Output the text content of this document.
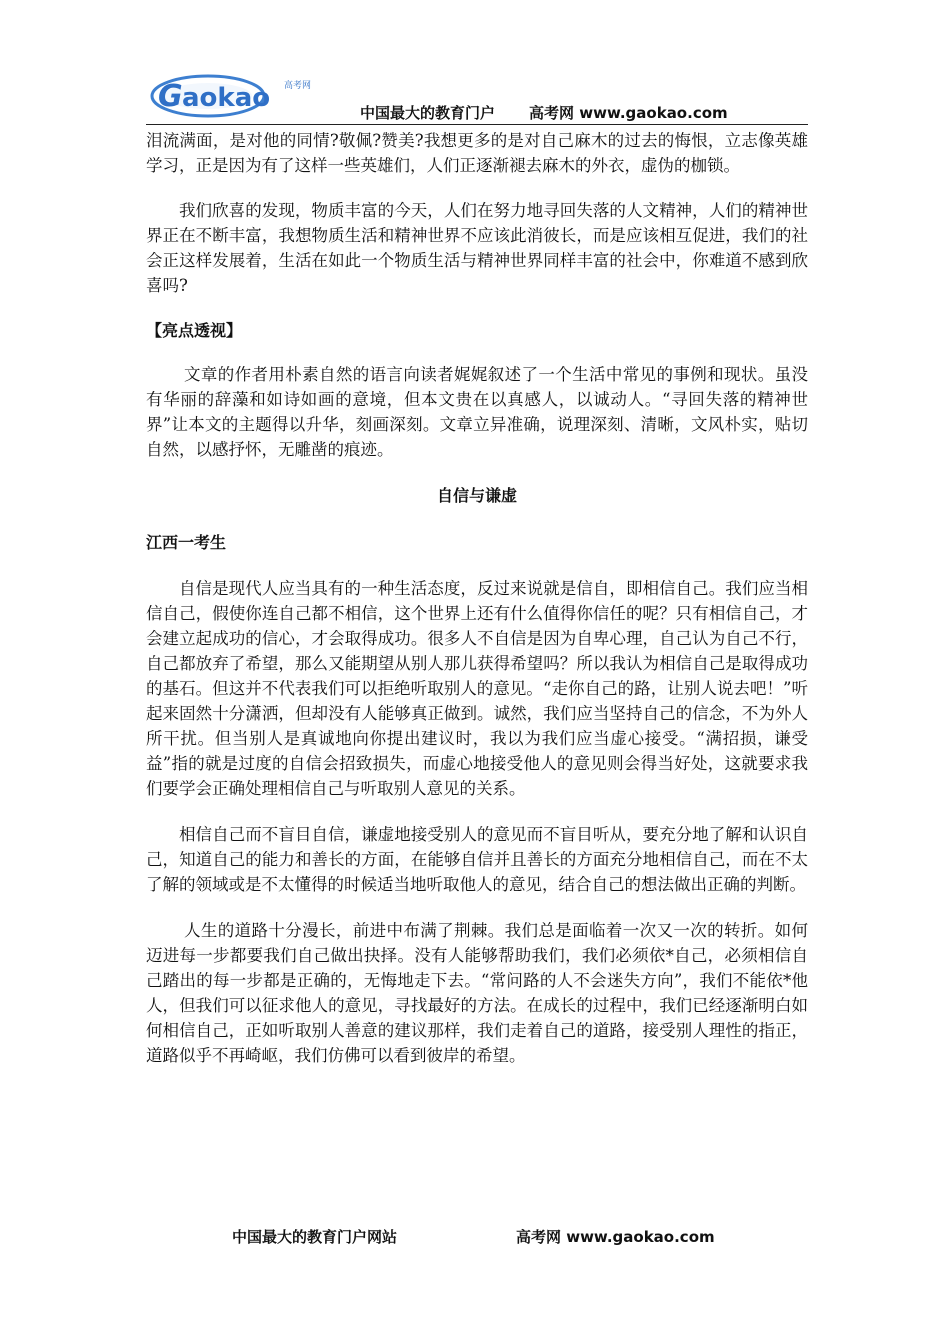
G aokao 高考网
中国最大的教育门户 高考网 www.gaokao.com

泪流满面，是对他的同情?敬佩?赞美?我想更多的是对自己麻木的过去的悔恨，立志像英雄学习，正是因为有了这样一些英雄们，人们正逐渐褪去麻木的外衣，虚伪的枷锁。

我们欣喜的发现，物质丰富的今天，人们在努力地寻回失落的人文精神，人们的精神世界正在不断丰富，我想物质生活和精神世界不应该此消彼长，而是应该相互促进，我们的社会正这样发展着，生活在如此一个物质生活与精神世界同样丰富的社会中，你难道不感到欣喜吗?

【亮点透视】

文章的作者用朴素自然的语言向读者娓娓叙述了一个生活中常见的事例和现状。虽没有华丽的辞藻和如诗如画的意境，但本文贵在以真感人，以诚动人。“寻回失落的精神世界”让本文的主题得以升华，刻画深刻。文章立异准确，说理深刻、清晰，文风朴实，贴切自然，以感抒怀，无雕凿的痕迹。

自信与谦虚

江西一考生

自信是现代人应当具有的一种生活态度，反过来说就是信自，即相信自己。我们应当相信自己，假使你连自己都不相信，这个世界上还有什么值得你信任的呢？只有相信自己，才会建立起成功的信心，才会取得成功。很多人不自信是因为自卑心理，自己认为自己不行，自己都放弃了希望，那么又能期望从别人那儿获得希望吗？所以我认为相信自己是取得成功的基石。但这并不代表我们可以拒绝听取别人的意见。“走你自己的路，让别人说去吧！”听起来固然十分潇洒，但却没有人能够真正做到。诚然，我们应当坚持自己的信念，不为外人所干扰。但当别人是真诚地向你提出建议时，我以为我们应当虚心接受。“满招损，谦受益”指的就是过度的自信会招致损失，而虚心地接受他人的意见则会得当好处，这就要求我们要学会正确处理相信自己与听取别人意见的关系。

相信自己而不盲目自信，谦虚地接受别人的意见而不盲目听从，要充分地了解和认识自己，知道自己的能力和善长的方面，在能够自信并且善长的方面充分地相信自己，而在不太了解的领域或是不太懂得的时候适当地听取他人的意见，结合自己的想法做出正确的判断。

人生的道路十分漫长，前进中布满了荆棘。我们总是面临着一次又一次的转折。如何迈进每一步都要我们自己做出抉择。没有人能够帮助我们，我们必须依*自己，必须相信自己踏出的每一步都是正确的，无悔地走下去。“常问路的人不会迷失方向”，我们不能依*他人，但我们可以征求他人的意见，寻找最好的方法。在成长的过程中，我们已经逐渐明白如何相信自己，正如听取别人善意的建议那样，我们走着自己的道路，接受别人理性的指正，道路似乎不再崎岖，我们仿佛可以看到彼岸的希望。

中国最大的教育门户网站	高考网 www.gaokao.com
